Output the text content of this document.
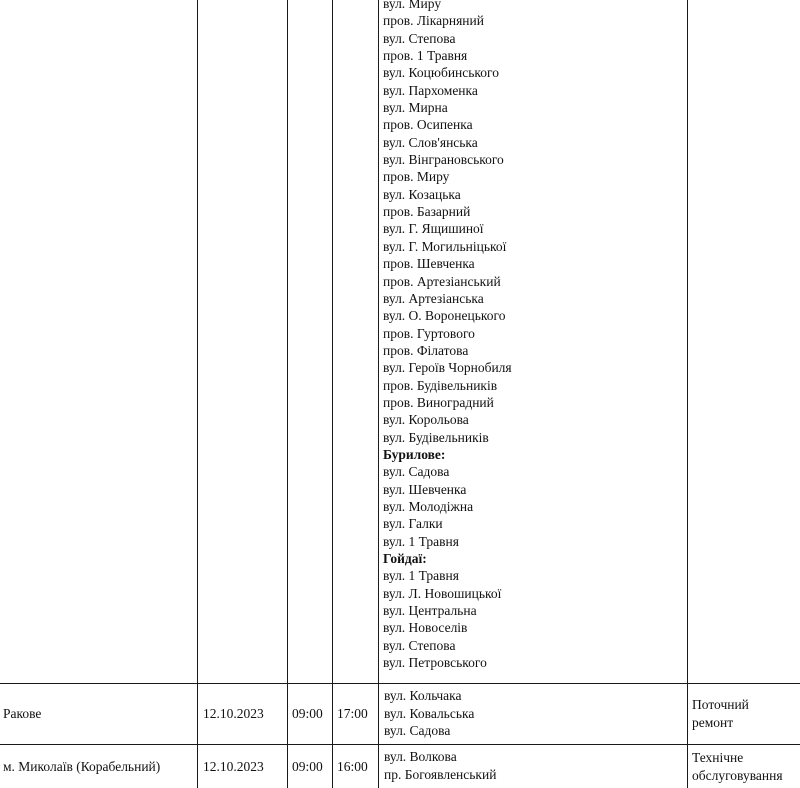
вул. Миру
пров. Лікарняний
вул. Степова
пров. 1 Травня
вул. Коцюбинського
вул. Пархоменка
вул. Мирна
пров. Осипенка
вул. Слов'янська
вул. Вінграновського
пров. Миру
вул. Козацька
пров. Базарний
вул. Г. Ящишиної
вул. Г. Могильніцької
пров. Шевченка
пров. Артезіанський
вул. Артезіанська
вул. О. Воронецького
пров. Гуртового
пров. Філатова
вул. Героїв Чорнобиля
пров. Будівельників
пров. Виноградний
вул. Корольова
вул. Будівельників
Бурилове:
вул. Садова
вул. Шевченка
вул. Молодіжна
вул. Галки
вул. 1 Травня
Гойдаї:
вул. 1 Травня
вул. Л. Новошицької
вул. Центральна
вул. Новоселів
вул. Степова
вул. Петровського
Ракове	12.10.2023 09:00 17:00
вул. Кольчака
вул. Ковальська
вул. Садова
Поточний
ремонт
м. Миколаїв (Корабельний)	12.10.2023 09:00 16:00
вул. Волкова
пр. Богоявленський
Технічне
обслуговування
